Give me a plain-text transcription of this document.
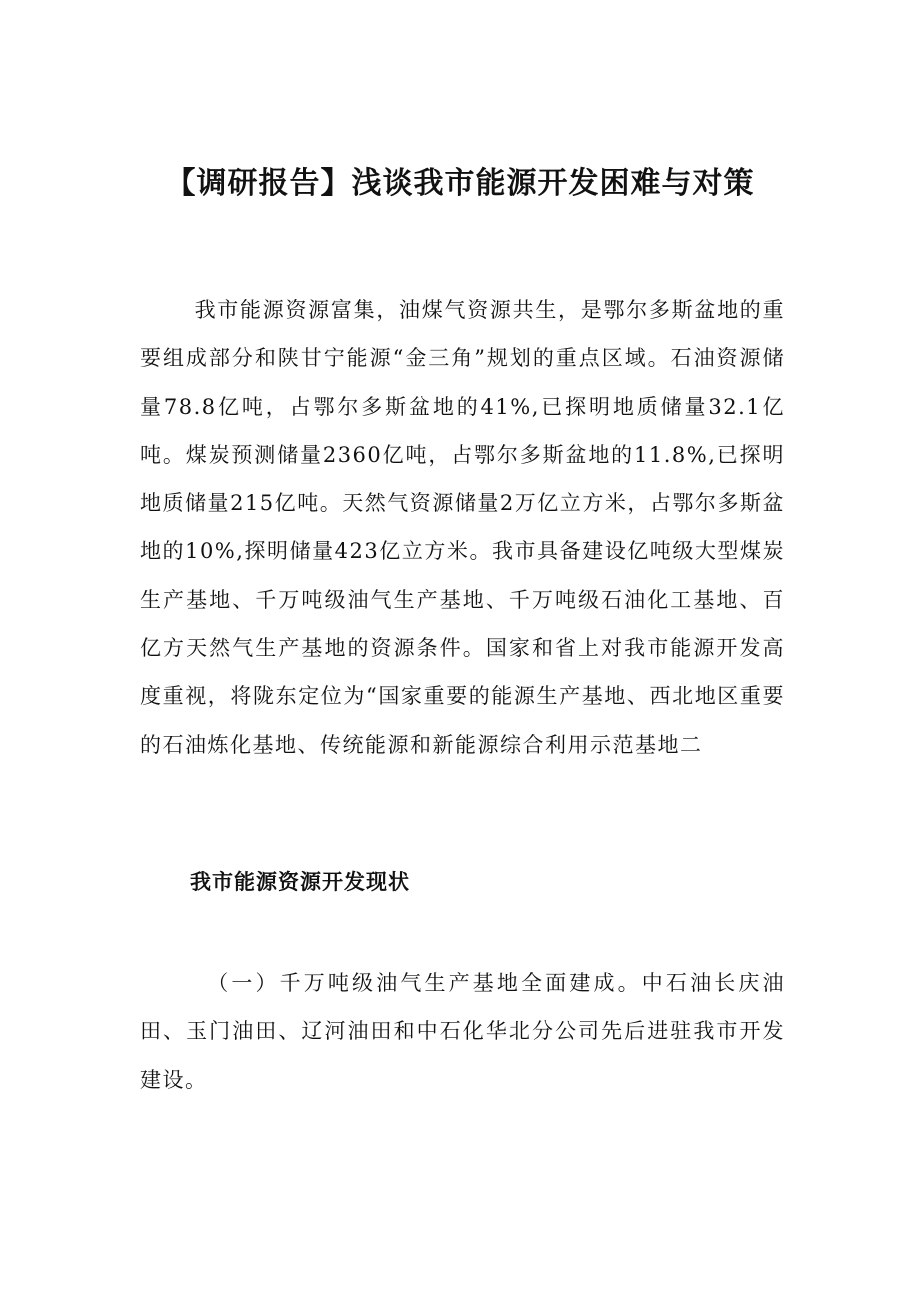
【调研报告】浅谈我市能源开发困难与对策

我市能源资源富集，油煤气资源共生，是鄂尔多斯盆地的重要组成部分和陕甘宁能源“金三角”规划的重点区域。石油资源储量78.8亿吨，占鄂尔多斯盆地的41%,已探明地质储量32.1亿吨。煤炭预测储量2360亿吨，占鄂尔多斯盆地的11.8%,已探明地质储量215亿吨。天然气资源储量2万亿立方米，占鄂尔多斯盆地的10%,探明储量423亿立方米。我市具备建设亿吨级大型煤炭生产基地、千万吨级油气生产基地、千万吨级石油化工基地、百亿方天然气生产基地的资源条件。国家和省上对我市能源开发高度重视，将陇东定位为“国家重要的能源生产基地、西北地区重要的石油炼化基地、传统能源和新能源综合利用示范基地二

我市能源资源开发现状

（一）千万吨级油气生产基地全面建成。中石油长庆油田、玉门油田、辽河油田和中石化华北分公司先后进驻我市开发建设。
